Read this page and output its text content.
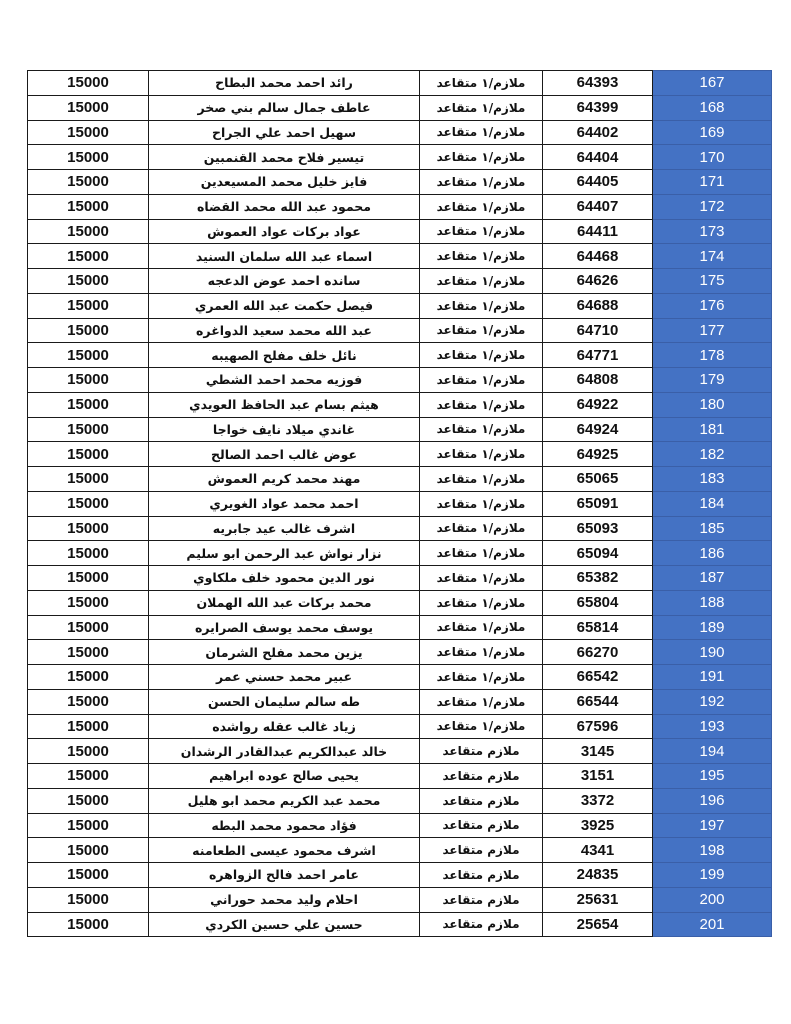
15000	رائد احمد محمد البطاح	ملازم/١ متقاعد	64393	167
15000	عاطف جمال سالم بني صخر	ملازم/١ متقاعد	64399	168
15000	سهيل احمد علي الجراح	ملازم/١ متقاعد	64402	169
15000	تيسير فلاح محمد القنمبين	ملازم/١ متقاعد	64404	170
15000	فايز خليل محمد المسيعدين	ملازم/١ متقاعد	64405	171
15000	محمود عبد الله محمد القضاه	ملازم/١ متقاعد	64407	172
15000	عواد بركات عواد العموش	ملازم/١ متقاعد	64411	173
15000	اسماء عبد الله سلمان السنيد	ملازم/١ متقاعد	64468	174
15000	سانده احمد عوض الدعجه	ملازم/١ متقاعد	64626	175
15000	فيصل حكمت عبد الله العمري	ملازم/١ متقاعد	64688	176
15000	عبد الله محمد سعيد الدواغره	ملازم/١ متقاعد	64710	177
15000	نائل خلف مفلح الصهيبه	ملازم/١ متقاعد	64771	178
15000	فوزيه محمد احمد الشطي	ملازم/١ متقاعد	64808	179
15000	هيثم بسام عبد الحافظ العويدي	ملازم/١ متقاعد	64922	180
15000	غاندي ميلاد نايف خواجا	ملازم/١ متقاعد	64924	181
15000	عوض غالب احمد الصالح	ملازم/١ متقاعد	64925	182
15000	مهند محمد كريم العموش	ملازم/١ متقاعد	65065	183
15000	احمد محمد عواد الغويري	ملازم/١ متقاعد	65091	184
15000	اشرف غالب عيد جابريه	ملازم/١ متقاعد	65093	185
15000	نزار نواش عبد الرحمن ابو سليم	ملازم/١ متقاعد	65094	186
15000	نور الدين محمود خلف ملكاوي	ملازم/١ متقاعد	65382	187
15000	محمد بركات عبد الله الهملان	ملازم/١ متقاعد	65804	188
15000	يوسف محمد يوسف الصرايره	ملازم/١ متقاعد	65814	189
15000	يزين محمد مفلح الشرمان	ملازم/١ متقاعد	66270	190
15000	عبير محمد حسني عمر	ملازم/١ متقاعد	66542	191
15000	طه سالم سليمان الحسن	ملازم/١ متقاعد	66544	192
15000	زياد غالب عقله رواشده	ملازم/١ متقاعد	67596	193
15000	خالد عبدالكريم عبدالقادر الرشدان	ملازم متقاعد	3145	194
15000	يحيى صالح عوده ابراهيم	ملازم متقاعد	3151	195
15000	محمد عبد الكريم محمد ابو هليل	ملازم متقاعد	3372	196
15000	فؤاد محمود محمد البطه	ملازم متقاعد	3925	197
15000	اشرف محمود عيسى الطعامنه	ملازم متقاعد	4341	198
15000	عامر احمد فالح الزواهره	ملازم متقاعد	24835	199
15000	احلام وليد محمد حوراني	ملازم متقاعد	25631	200
15000	حسين علي حسين الكردي	ملازم متقاعد	25654	201
